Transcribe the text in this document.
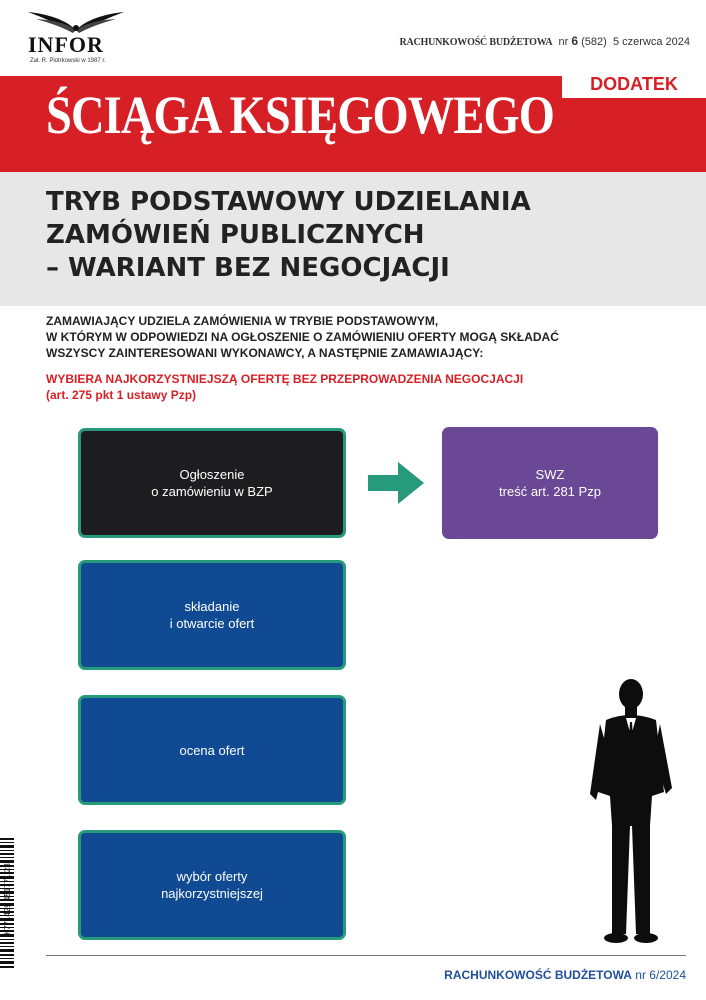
INFOR
Zał. R. Piotrkowski w 1987 r.
RACHUNKOWOŚĆ BUDŻETOWA nr 6 (582) 5 czerwca 2024
ŚCIĄGA KSIĘGOWEGO
DODATEK
TRYB PODSTAWOWY UDZIELANIA
ZAMÓWIEŃ PUBLICZNYCH
– WARIANT BEZ NEGOCJACJI
ZAMAWIAJĄCY UDZIELA ZAMÓWIENIA W TRYBIE PODSTAWOWYM,
W KTÓRYM W ODPOWIEDZI NA OGŁOSZENIE O ZAMÓWIENIU OFERTY MOGĄ SKŁADAĆ
WSZYSCY ZAINTERESOWANI WYKONAWCY, A NASTĘPNIE ZAMAWIAJĄCY:
WYBIERA NAJKORZYSTNIEJSZĄ OFERTĘ BEZ PRZEPROWADZENIA NEGOCJACJI
(art. 275 pkt 1 ustawy Pzp)
Ogłoszenie
o zamówieniu w BZP
SWZ
treść art. 281 Pzp
składanie
i otwarcie ofert
ocena ofert
wybór oferty
najkorzystniejszej
9 771429 451771 23
RACHUNKOWOŚĆ BUDŻETOWA nr 6/2024
